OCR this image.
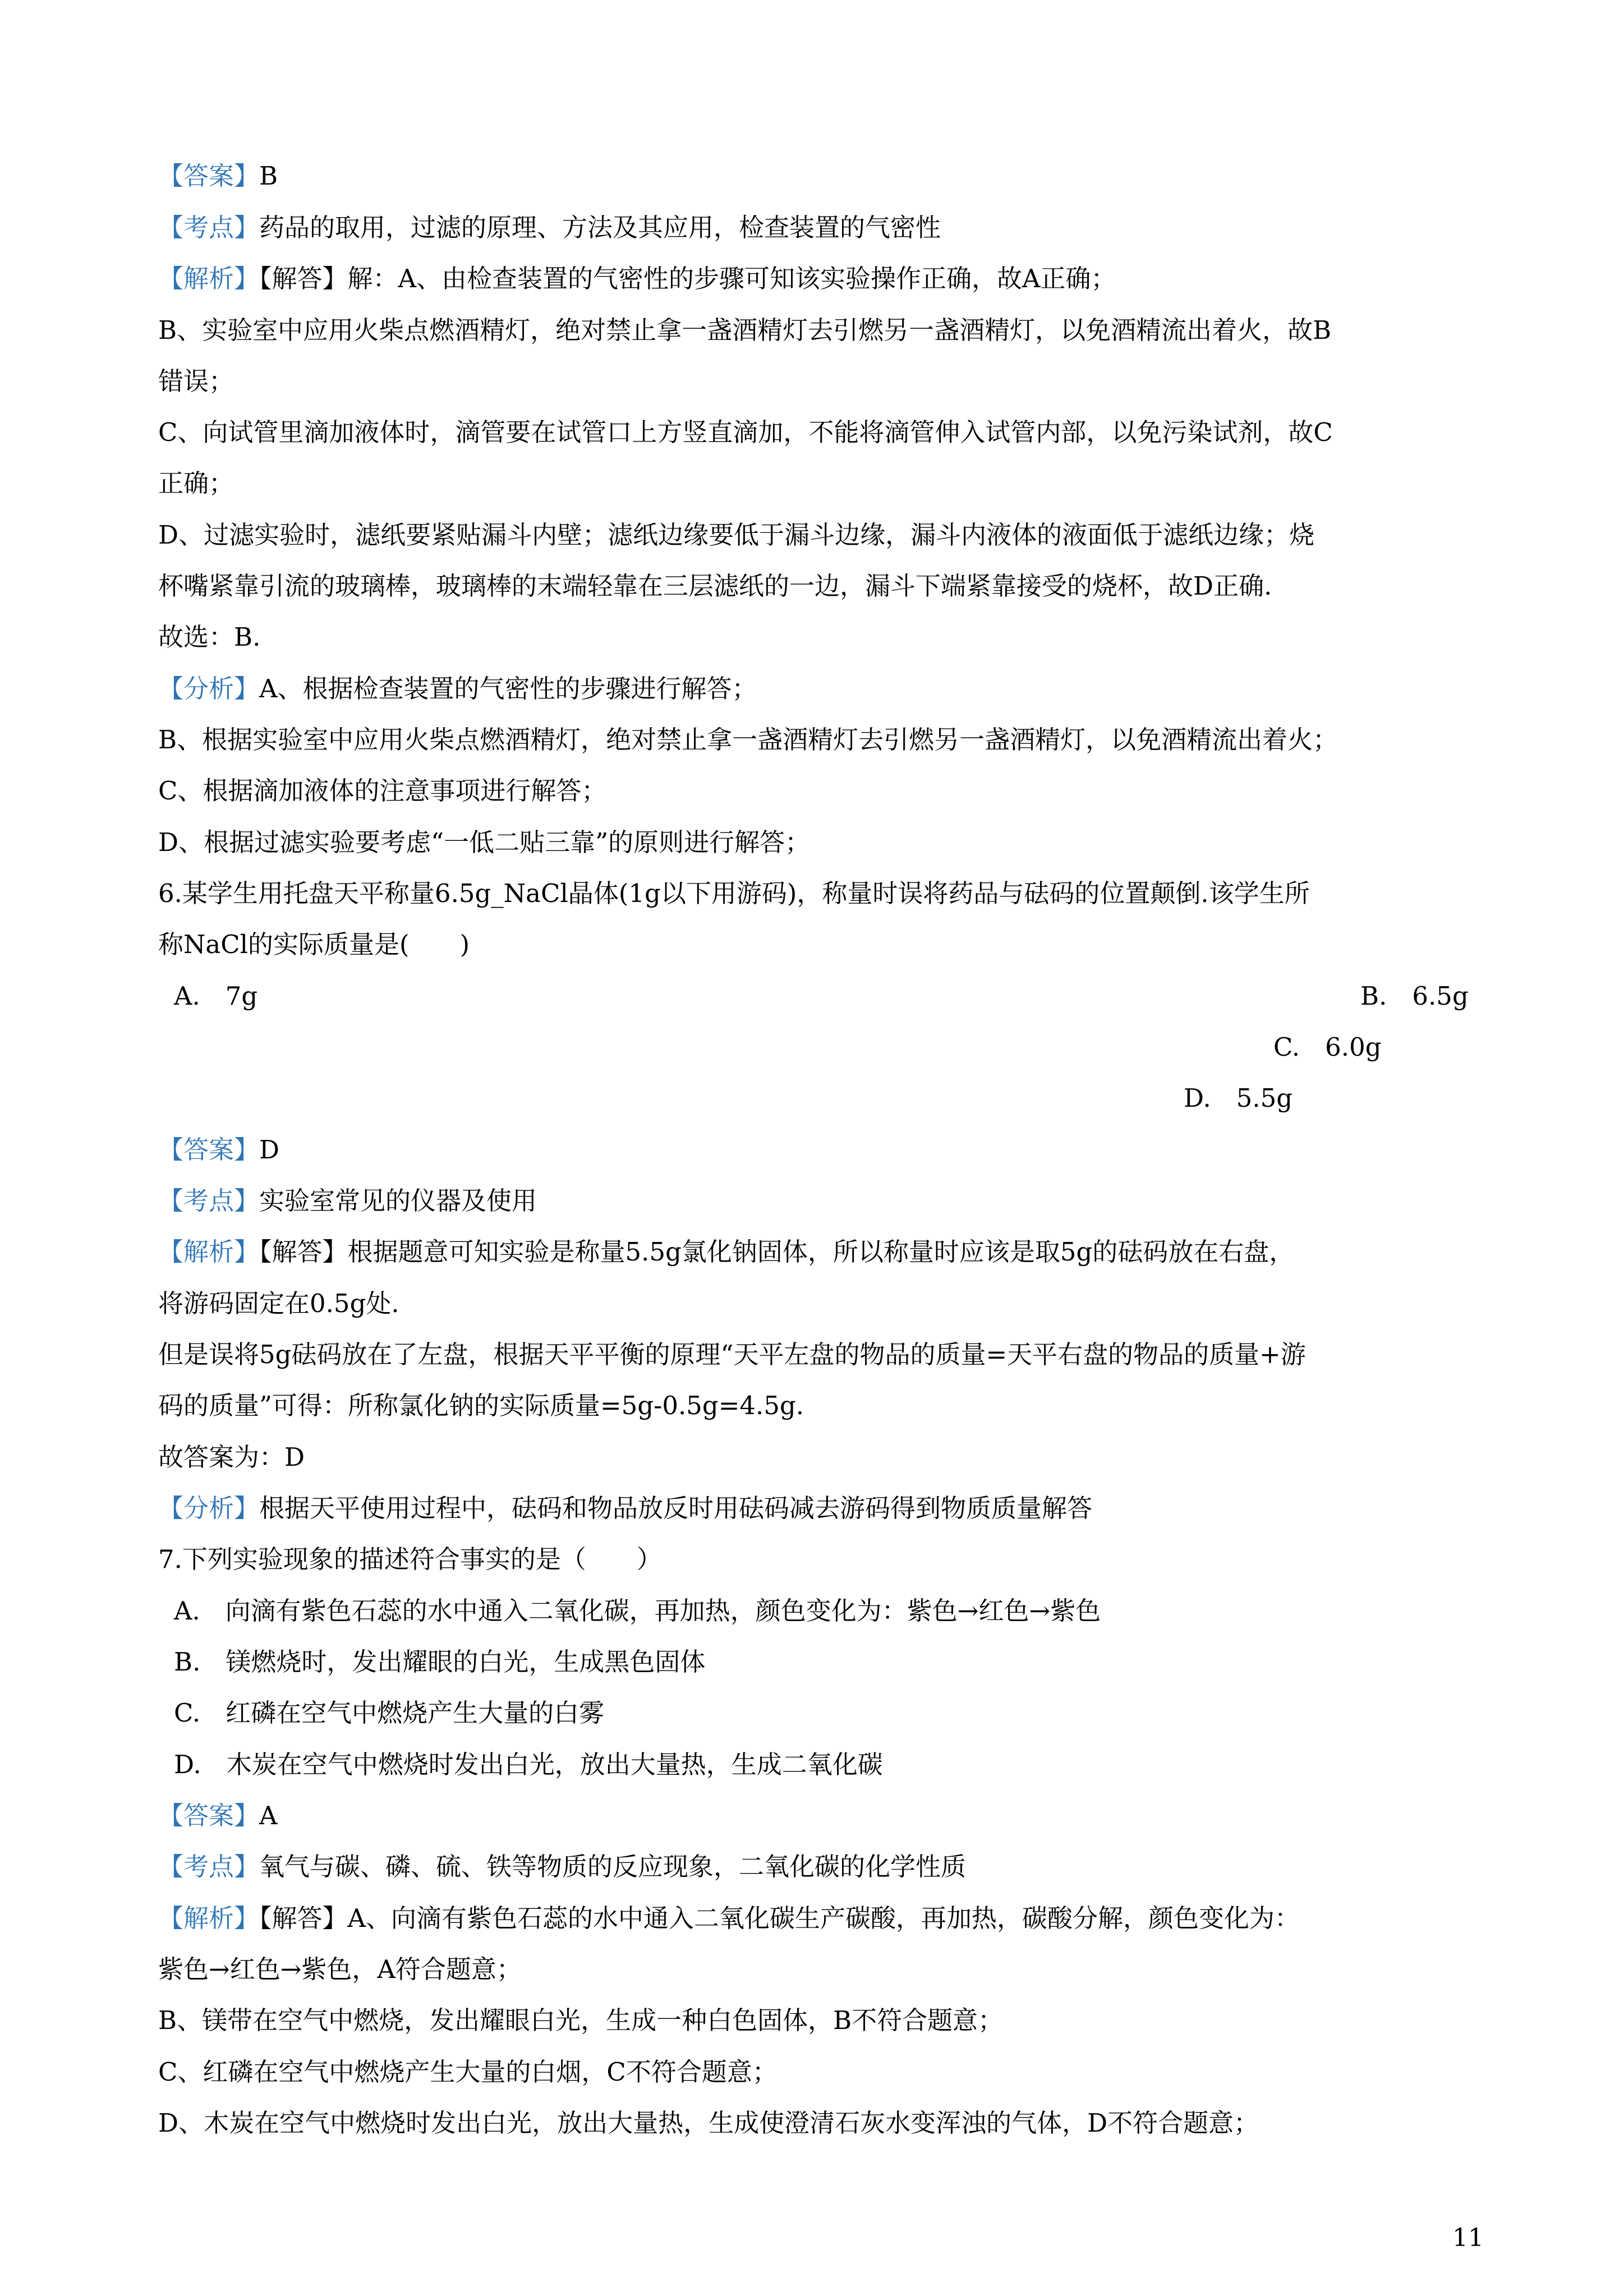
【答案】B
【考点】药品的取用，过滤的原理、方法及其应用，检查装置的气密性
【解析】【解答】解：A、由检查装置的气密性的步骤可知该实验操作正确，故A正确；
B、实验室中应用火柴点燃酒精灯，绝对禁止拿一盏酒精灯去引燃另一盏酒精灯，以免酒精流出着火，故B
错误；
C、向试管里滴加液体时，滴管要在试管口上方竖直滴加，不能将滴管伸入试管内部，以免污染试剂，故C
正确；
D、过滤实验时，滤纸要紧贴漏斗内壁；滤纸边缘要低于漏斗边缘，漏斗内液体的液面低于滤纸边缘；烧
杯嘴紧靠引流的玻璃棒，玻璃棒的末端轻靠在三层滤纸的一边，漏斗下端紧靠接受的烧杯，故D正确.
故选：B.
【分析】A、根据检查装置的气密性的步骤进行解答；
B、根据实验室中应用火柴点燃酒精灯，绝对禁止拿一盏酒精灯去引燃另一盏酒精灯，以免酒精流出着火；
C、根据滴加液体的注意事项进行解答；
D、根据过滤实验要考虑“一低二贴三靠”的原则进行解答；
6.某学生用托盘天平称量6.5g_NaCl晶体(1g以下用游码)，称量时误将药品与砝码的位置颠倒.该学生所
称NaCl的实际质量是(　　)
A.　7g	B.　6.5g
C.　6.0g
D.　5.5g
【答案】D
【考点】实验室常见的仪器及使用
【解析】【解答】根据题意可知实验是称量5.5g氯化钠固体，所以称量时应该是取5g的砝码放在右盘，
将游码固定在0.5g处.
但是误将5g砝码放在了左盘，根据天平平衡的原理“天平左盘的物品的质量=天平右盘的物品的质量+游
码的质量”可得：所称氯化钠的实际质量=5g-0.5g=4.5g.
故答案为：D
【分析】根据天平使用过程中，砝码和物品放反时用砝码减去游码得到物质质量解答
7.下列实验现象的描述符合事实的是（　　）
A.　向滴有紫色石蕊的水中通入二氧化碳，再加热，颜色变化为：紫色→红色→紫色
B.　镁燃烧时，发出耀眼的白光，生成黑色固体
C.　红磷在空气中燃烧产生大量的白雾
D.　木炭在空气中燃烧时发出白光，放出大量热，生成二氧化碳
【答案】A
【考点】氧气与碳、磷、硫、铁等物质的反应现象，二氧化碳的化学性质
【解析】【解答】A、向滴有紫色石蕊的水中通入二氧化碳生产碳酸，再加热，碳酸分解，颜色变化为：
紫色→红色→紫色，A符合题意；
B、镁带在空气中燃烧，发出耀眼白光，生成一种白色固体，B不符合题意；
C、红磷在空气中燃烧产生大量的白烟，C不符合题意；
D、木炭在空气中燃烧时发出白光，放出大量热，生成使澄清石灰水变浑浊的气体，D不符合题意；
11
